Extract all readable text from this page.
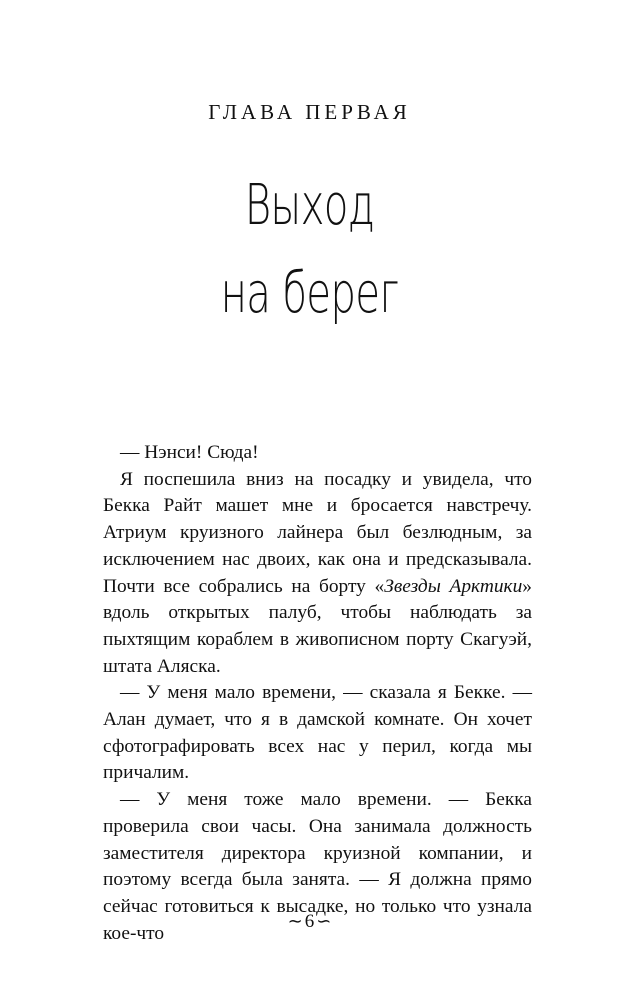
ГЛАВА ПЕРВАЯ
Выход
на берег

— Нэнси! Сюда!

Я поспешила вниз на посадку и увидела, что Бекка Райт машет мне и бросается навстречу. Атриум круизного лайнера был безлюдным, за исключением нас двоих, как она и предсказывала. Почти все собрались на борту «Звезды Арктики» вдоль открытых палуб, чтобы наблюдать за пыхтящим кораблем в живописном порту Скагуэй, штата Аляска.

— У меня мало времени, — сказала я Бекке. — Алан думает, что я в дамской комнате. Он хочет сфотографировать всех нас у перил, когда мы причалим.

— У меня тоже мало времени. — Бекка проверила свои часы. Она занимала должность заместителя директора круизной компании, и поэтому всегда была занята. — Я должна прямо сейчас готовиться к высадке, но только что узнала кое-что

∼ 6 ∽
